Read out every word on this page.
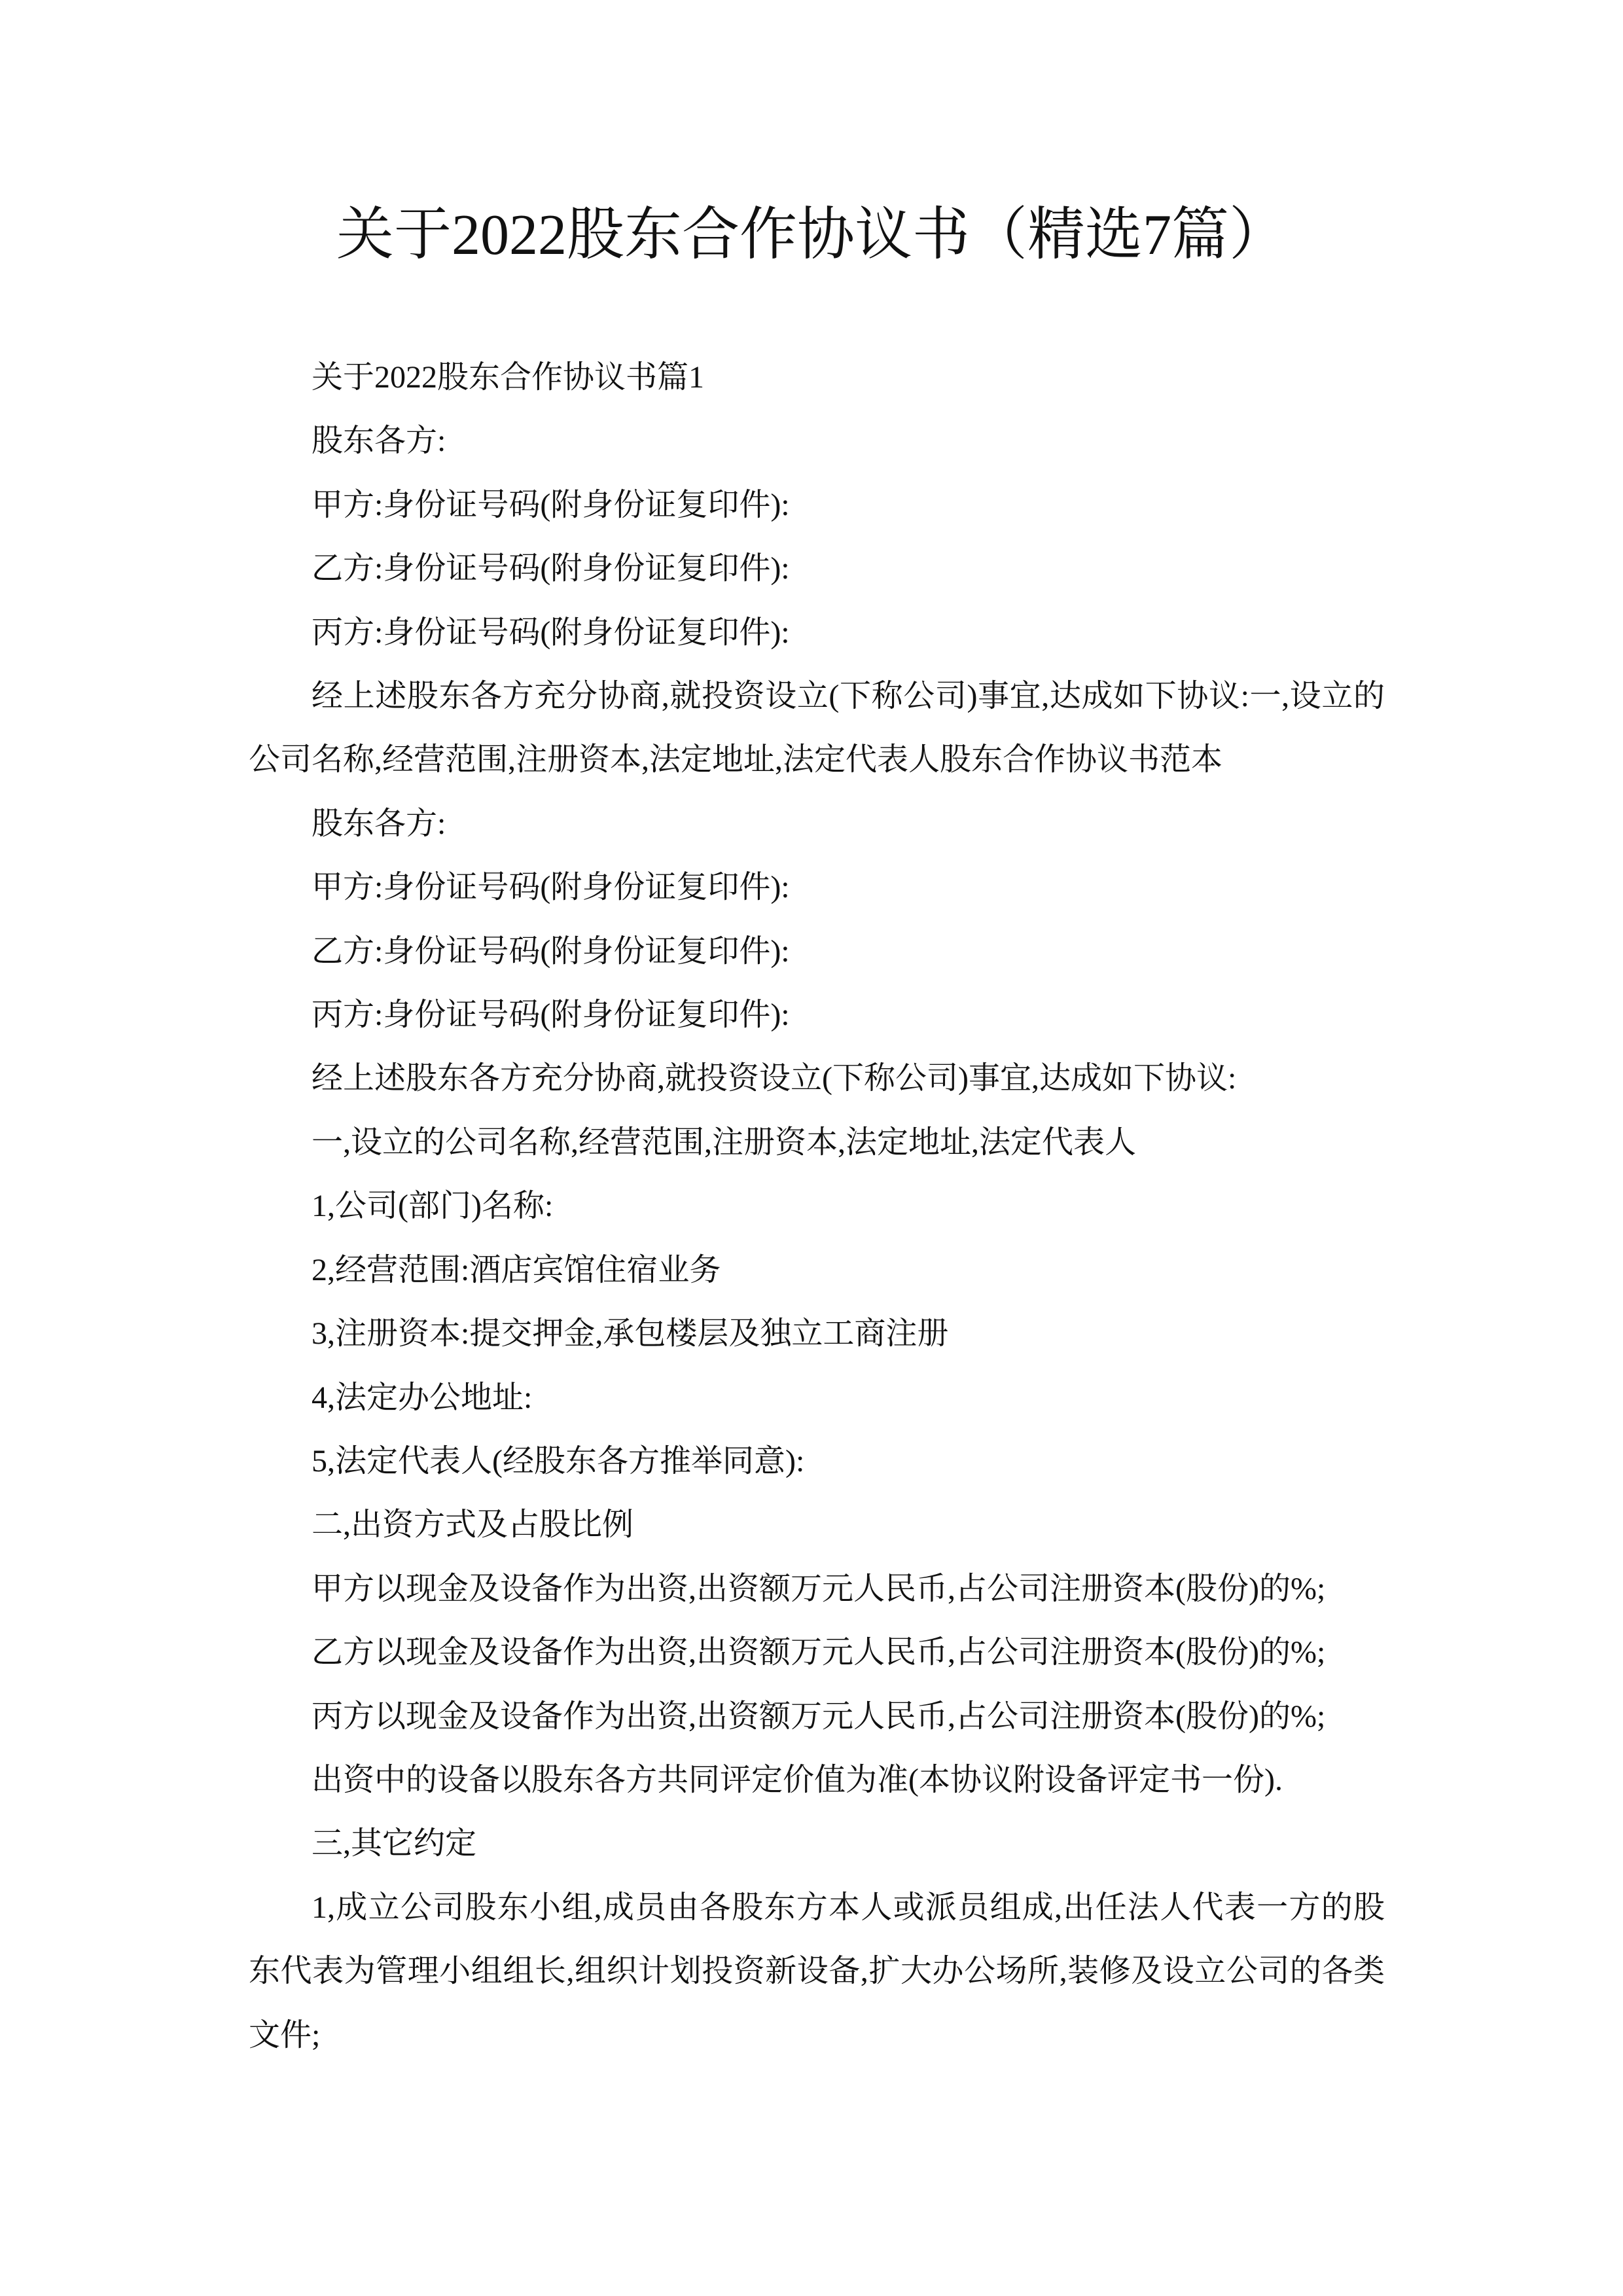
关于2022股东合作协议书（精选7篇）

关于2022股东合作协议书篇1

股东各方:

甲方:身份证号码(附身份证复印件):

乙方:身份证号码(附身份证复印件):

丙方:身份证号码(附身份证复印件):

经上述股东各方充分协商,就投资设立(下称公司)事宜,达成如下协议:一,设立的公司名称,经营范围,注册资本,法定地址,法定代表人股东合作协议书范本

股东各方:

甲方:身份证号码(附身份证复印件):

乙方:身份证号码(附身份证复印件):

丙方:身份证号码(附身份证复印件):

经上述股东各方充分协商,就投资设立(下称公司)事宜,达成如下协议:

一,设立的公司名称,经营范围,注册资本,法定地址,法定代表人

1,公司(部门)名称:

2,经营范围:酒店宾馆住宿业务

3,注册资本:提交押金,承包楼层及独立工商注册

4,法定办公地址:

5,法定代表人(经股东各方推举同意):

二,出资方式及占股比例

甲方以现金及设备作为出资,出资额万元人民币,占公司注册资本(股份)的%;

乙方以现金及设备作为出资,出资额万元人民币,占公司注册资本(股份)的%;

丙方以现金及设备作为出资,出资额万元人民币,占公司注册资本(股份)的%;

出资中的设备以股东各方共同评定价值为准(本协议附设备评定书一份).

三,其它约定

1,成立公司股东小组,成员由各股东方本人或派员组成,出任法人代表一方的股东代表为管理小组组长,组织计划投资新设备,扩大办公场所,装修及设立公司的各类文件;
